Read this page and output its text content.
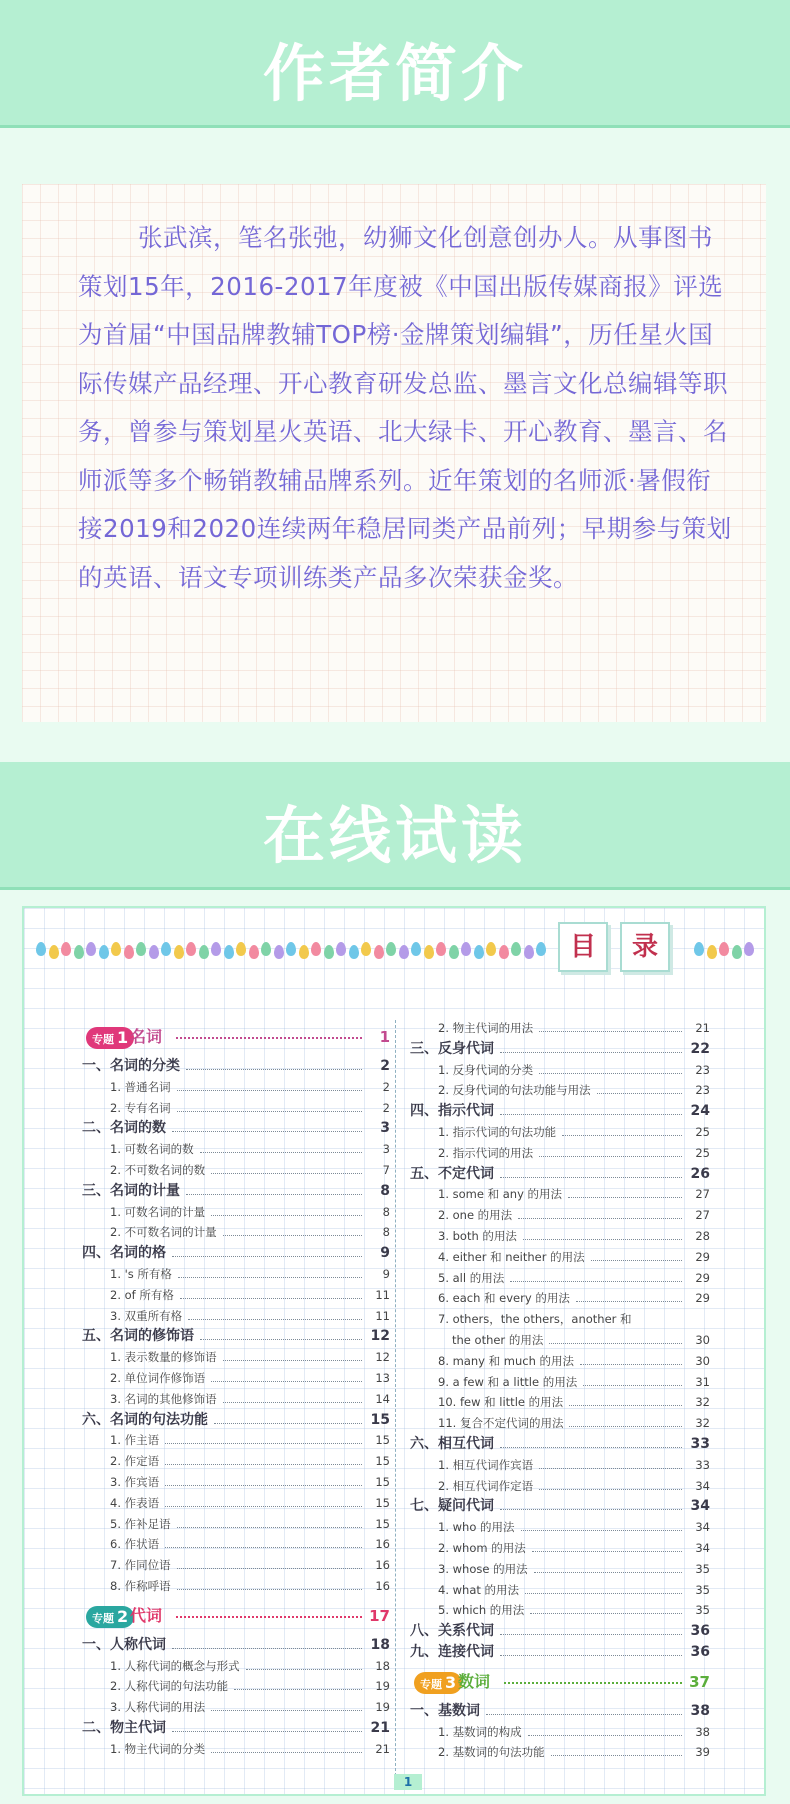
作者简介
张武滨，笔名张弛，幼狮文化创意创办人。从事图书策划15年，2016-2017年度被《中国出版传媒商报》评选为首届“中国品牌教辅TOP榜·金牌策划编辑”，历任星火国际传媒产品经理、开心教育研发总监、墨言文化总编辑等职务，曾参与策划星火英语、北大绿卡、开心教育、墨言、名师派等多个畅销教辅品牌系列。近年策划的名师派·暑假衔接2019和2020连续两年稳居同类产品前列；早期参与策划的英语、语文专项训练类产品多次荣获金奖。
在线试读
目	录
专题 1 名词	1
一、名词的分类	2
1. 普通名词	2
2. 专有名词	2
二、名词的数	3
1. 可数名词的数	3
2. 不可数名词的数	7
三、名词的计量	8
1. 可数名词的计量	8
2. 不可数名词的计量	8
四、名词的格	9
1. 's 所有格	9
2. of 所有格	11
3. 双重所有格	11
五、名词的修饰语	12
1. 表示数量的修饰语	12
2. 单位词作修饰语	13
3. 名词的其他修饰语	14
六、名词的句法功能	15
1. 作主语	15
2. 作定语	15
3. 作宾语	15
4. 作表语	15
5. 作补足语	15
6. 作状语	16
7. 作同位语	16
8. 作称呼语	16
专题 2 代词	17
一、人称代词	18
1. 人称代词的概念与形式	18
2. 人称代词的句法功能	19
3. 人称代词的用法	19
二、物主代词	21
1. 物主代词的分类	21
2. 物主代词的用法	21
三、反身代词	22
1. 反身代词的分类	23
2. 反身代词的句法功能与用法	23
四、指示代词	24
1. 指示代词的句法功能	25
2. 指示代词的用法	25
五、不定代词	26
1. some 和 any 的用法	27
2. one 的用法	27
3. both 的用法	28
4. either 和 neither 的用法	29
5. all 的用法	29
6. each 和 every 的用法	29
7. others，the others，another 和
the other 的用法	30
8. many 和 much 的用法	30
9. a few 和 a little 的用法	31
10. few 和 little 的用法	32
11. 复合不定代词的用法	32
六、相互代词	33
1. 相互代词作宾语	33
2. 相互代词作定语	34
七、疑问代词	34
1. who 的用法	34
2. whom 的用法	34
3. whose 的用法	35
4. what 的用法	35
5. which 的用法	35
八、关系代词	36
九、连接代词	36
专题 3 数词	37
一、基数词	38
1. 基数词的构成	38
2. 基数词的句法功能	39
1
